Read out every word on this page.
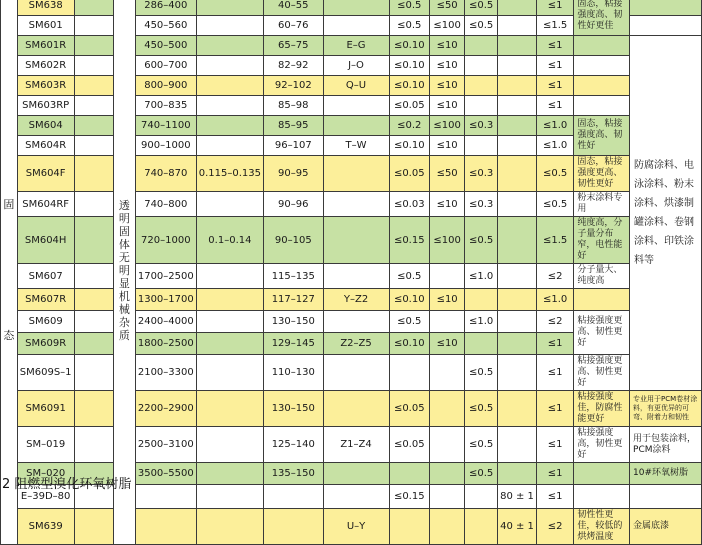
固
态	SM638		透明固体无明显机械杂质	286–400		40–55		≤0.5	≤50	≤0.5		≤1	固态，粘接强度高、韧性好更佳	
	SM601			450–560		60–76		≤0.5	≤100	≤0.5		≤1.5		
	SM601R			450–500		65–75	E–G	≤0.10	≤10			≤1		防腐涂料、电泳涂料、粉末涂料、烘漆制罐涂料、卷钢涂料、印铁涂料等
	SM602R			600–700		82–92	J–O	≤0.10	≤10			≤1		
	SM603R			800–900		92–102	Q–U	≤0.10	≤10			≤1		
	SM603RP			700–835		85–98		≤0.05	≤10			≤1		
	SM604			740–1100		85–95		≤0.2	≤100	≤0.3		≤1.0	固态，粘接强度高、韧性好	
	SM604R			900–1000		96–107	T–W	≤0.10	≤10			≤1.0		
	SM604F			740–870	0.115–0.135	90–95		≤0.05	≤50	≤0.3		≤0.5	固态，粘接强度更高、韧性更好	
	SM604RF			740–800		90–96		≤0.03	≤10	≤0.3		≤0.5	粉末涂料专用	
	SM604H			720–1000	0.1–0.14	90–105		≤0.15	≤100	≤0.5		≤1.5	纯度高，分子量分布窄，电性能好	
	SM607			1700–2500		115–135		≤0.5		≤1.0		≤2	分子量大、纯度高	
	SM607R			1300–1700		117–127	Y–Z2	≤0.10	≤10			≤1.0		
	SM609			2400–4000		130–150		≤0.5		≤1.0		≤2	粘接强度更高、韧性更好	
	SM609R			1800–2500		129–145	Z2–Z5	≤0.10	≤10			≤1		
	SM609S–1			2100–3300		110–130				≤0.5		≤1	粘接强度更高、韧性更好	
	SM6091			2200–2900		130–150		≤0.05		≤0.5		≤1	粘接强度佳，防腐性能更好	专业用于PCM卷材涂料，有更优异的可弯、附着力和韧性
	SM–019			2500–3100		125–140	Z1–Z4	≤0.05		≤0.5		≤1	粘接强度高，韧性更好	用于包装涂料，PCM涂料
	SM–020			3500–5500		135–150				≤0.5		≤1		10#环氧树脂
	E–39D–80							≤0.15			80 ± 1	≤1		
	SM639						U–Y				40 ± 1	≤2	韧性性更佳，较低的烘烤温度	金属底漆
2 阻燃型溴化环氧树脂
